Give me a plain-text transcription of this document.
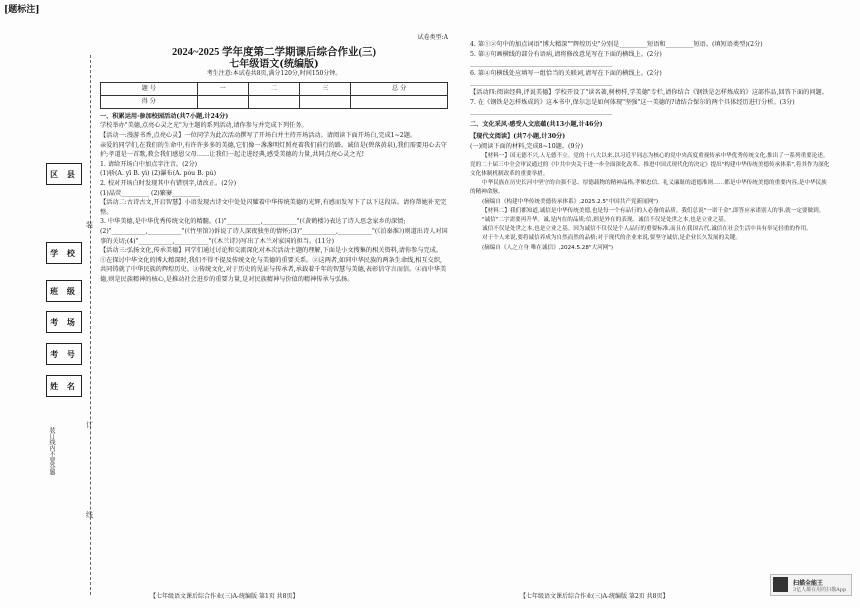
[题标注]
装订线内不要答题
区 县
学 校
班 级
考 场
考 号
姓 名
装
订
线
试卷类型:A
2024~2025 学年度第二学期课后综合作业(三)
七年级语文(统编版)
考生注意:本试卷共8页,满分120分,时间150分钟。
题 号	一	二	三	总 分
得 分				
一、积累运用·参加校园活动(共7小题,计24分)
学校举办"美德,点亮心灵之光"为主题的系列活动,请你参与并完成下列任务。
【活动一:漫游书香,点亮心灵】一位同学为此次活动撰写了开场白并主持开场活动。请阅读下面开场白,完成1~2题。
亲爱的同学们,在我们的生命中,有许许多多的美德,它们像一盏盏明灯照亮着我们前行的路。诚信是(碧落黄泉),我们需要用心去守护;孝道是一首歌,教会我们感恩父母……让我们一起走进经典,感受美德的力量,共同点亮心灵之光!
1. 请给开场白中加点字注音。(2分)
(1)骄(A. yī B. yì) (2)瀑布(A. pòu B. pù)
2. 校对开场白时发现其中有错别字,请改正。(2分)
(1)晶荧_________ (2)繁窭_________
【活动二:古诗古文,开启智慧】小语发现古诗文中处处闪耀着中华传统美德的光辉,有感而发写下了以下这段话。请你帮她补充完整。
3. 中华美德,是中华优秀传统文化的精髓。(1)"___________,___________"(《黄鹤楼》)表达了诗人思念家乡的深情;(2)"___________,___________"(《竹里馆》)诉说了诗人深夜独坐的情怀;(3)"___________,___________"(《泊秦淮》)则道出诗人对国事的关切;(4)"___________,___________"(《木兰诗》)写出了木兰对家国的担当。(11分)
【活动三:弘扬文化,传承美德】同学们通过讨论和交流深化对本次活动主题的理解,下面是小文搜集的相关资料,请你参与完成。
①在探讨中华文化的博大精深时,我们不得不提及传统文化与美德的重要关系。②这两者,如同中华民族的两条生命线,相互交织,共同铸就了中华民族的辉煌历史。③传统文化,对于历史的见证与传承者,承载着千年的智慧与美德,表彰信守言而信。④而中华美德,则是民族精神的核心,是推动社会进步的重要力量,是对民族精神与价值的精神传承与弘扬。
【七年级语文课后综合作业(三)A-统编版 第1页 共8页】
4. 第①②句中的加点词语"博大精深""辉煌历史"分别是_________短语和_________短语。(填短语类型)(2分)
5. 第③句画横线的部分有语病,请将修改意见写在下面的横线上。(2分)
______________________________________________
6. 第④句横线处应填写一组恰当的关联词,请写在下面的横线上。(2分)
______________________________________________
【活动四:阅读经典,评说美德】学校开设了"读名著,树榜样,学美德"专栏,请你结合《钢铁是怎样炼成的》这部作品,回答下面的问题。
7. 在《钢铁是怎样炼成的》这本书中,保尔怎是如何体现"坚强"这一美德的?请结合保尔的两个具体经历进行分析。(3分)
______________________________________________
二、文化采风·感受人文底蕴(共13小题,计46分)
【现代文阅读】(共7小题,计30分)
(一)阅读下面的材料,完成8~10题。(9分)

【材料一】国无德不兴,人无德不立。党的十八大以来,以习近平同志为核心的党中央高度重视传承中华优秀传统文化,推出了一系列重要论述。党的二十届三中全会审议通过的《中共中央关于进一步全面深化改革、推进中国式现代化的决定》提出"构建中华传统美德传承体系",将其作为深化文化体制机制改革的重要举措。

中华民族在历史长河中坚守的自强不息、厚德载物的精神品格,孝悌忠信、礼义廉耻的道德准则……都是中华传统美德的重要内容,是中华民族的精神命脉。

(摘编自《构建中华传统美德传承体系》,2025.2.5"中国共产党新闻网")

【材料二】我们都知道,诚信是中华传统美德,也是每一个有品行的人必备的品质。我们总说"一诺千金",即答应承诺别人的事,就一定要做到。

"诚信"二字需要再升华。诚,是内在的品质;信,则是外在的表现。诚信不仅是处世之本,也是立业之基。

诚信不仅是处世之本,也是立业之基。因为诚信不仅仅是个人品行的重要标准,而且在我国古代,诚信在社会生活中具有举足轻重的作用。

对于个人来说,要将诚信养成为自然而然的品格;对于现代的企业来说,要坚守诚信,是企业长久发展的关键。

(摘编自《人之立身 唯在诚信》,2024.5.28"大河网")

【七年级语文课后综合作业(三)A-统编版 第2页 共8页】
扫描全能王
3亿人都在用的扫描App
